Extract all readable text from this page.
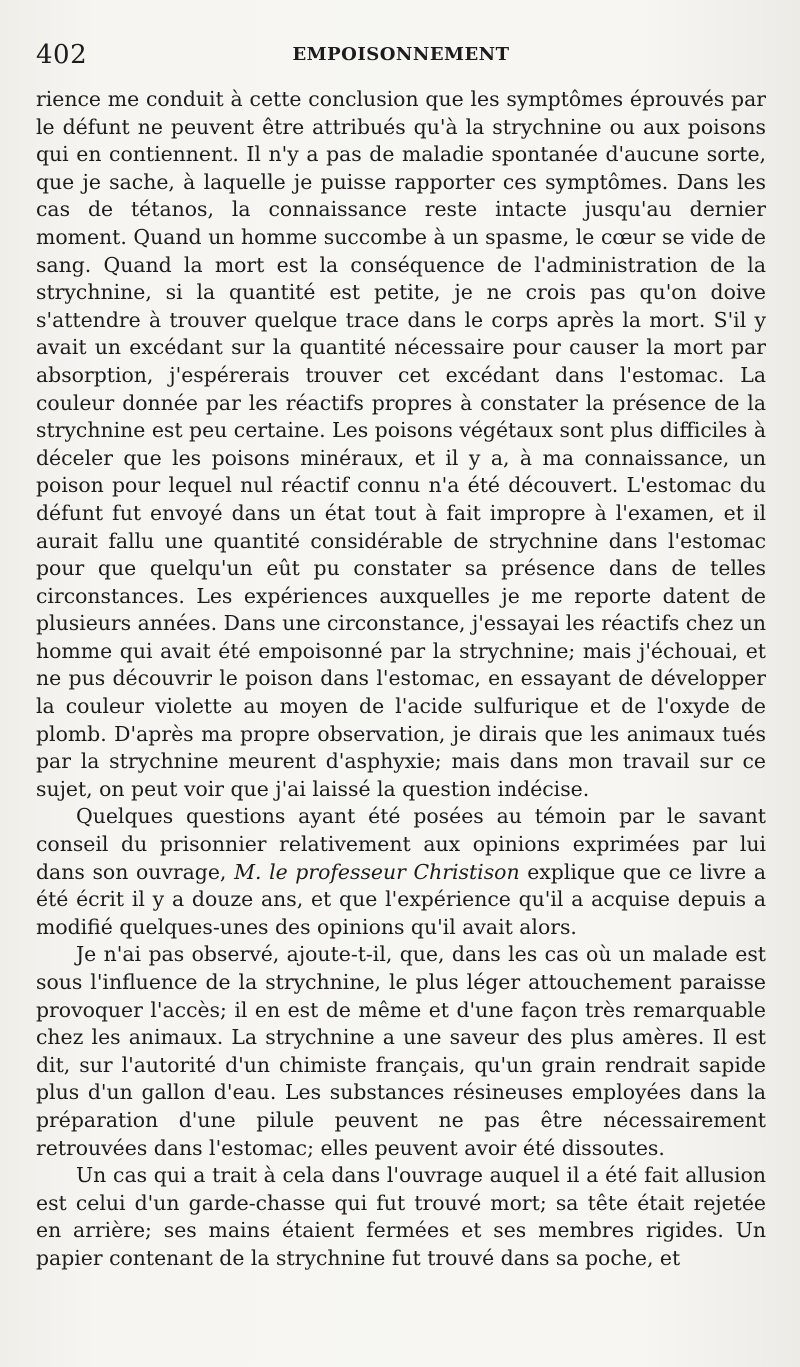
402	EMPOISONNEMENT

rience me conduit à cette conclusion que les symptômes éprouvés par le défunt ne peuvent être attribués qu'à la strychnine ou aux poisons qui en contiennent. Il n'y a pas de maladie spontanée d'aucune sorte, que je sache, à laquelle je puisse rapporter ces symptômes. Dans les cas de tétanos, la connaissance reste intacte jusqu'au dernier moment. Quand un homme succombe à un spasme, le cœur se vide de sang. Quand la mort est la conséquence de l'administration de la strychnine, si la quantité est petite, je ne crois pas qu'on doive s'attendre à trouver quelque trace dans le corps après la mort. S'il y avait un excédant sur la quantité nécessaire pour causer la mort par absorption, j'espérerais trouver cet excédant dans l'estomac. La couleur donnée par les réactifs propres à constater la présence de la strychnine est peu certaine. Les poisons végétaux sont plus difficiles à déceler que les poisons minéraux, et il y a, à ma connaissance, un poison pour lequel nul réactif connu n'a été découvert. L'estomac du défunt fut envoyé dans un état tout à fait impropre à l'examen, et il aurait fallu une quantité considérable de strychnine dans l'estomac pour que quelqu'un eût pu constater sa présence dans de telles circonstances. Les expériences auxquelles je me reporte datent de plusieurs années. Dans une circonstance, j'essayai les réactifs chez un homme qui avait été empoisonné par la strychnine; mais j'échouai, et ne pus découvrir le poison dans l'estomac, en essayant de développer la couleur violette au moyen de l'acide sulfurique et de l'oxyde de plomb. D'après ma propre observation, je dirais que les animaux tués par la strychnine meurent d'asphyxie; mais dans mon travail sur ce sujet, on peut voir que j'ai laissé la question indécise.

Quelques questions ayant été posées au témoin par le savant conseil du prisonnier relativement aux opinions exprimées par lui dans son ouvrage, M. le professeur Christison explique que ce livre a été écrit il y a douze ans, et que l'expérience qu'il a acquise depuis a modifié quelques-unes des opinions qu'il avait alors.

Je n'ai pas observé, ajoute-t-il, que, dans les cas où un malade est sous l'influence de la strychnine, le plus léger attouchement paraisse provoquer l'accès; il en est de même et d'une façon très remarquable chez les animaux. La strychnine a une saveur des plus amères. Il est dit, sur l'autorité d'un chimiste français, qu'un grain rendrait sapide plus d'un gallon d'eau. Les substances résineuses employées dans la préparation d'une pilule peuvent ne pas être nécessairement retrouvées dans l'estomac; elles peuvent avoir été dissoutes.

Un cas qui a trait à cela dans l'ouvrage auquel il a été fait allusion est celui d'un garde-chasse qui fut trouvé mort; sa tête était rejetée en arrière; ses mains étaient fermées et ses membres rigides. Un papier contenant de la strychnine fut trouvé dans sa poche, et
